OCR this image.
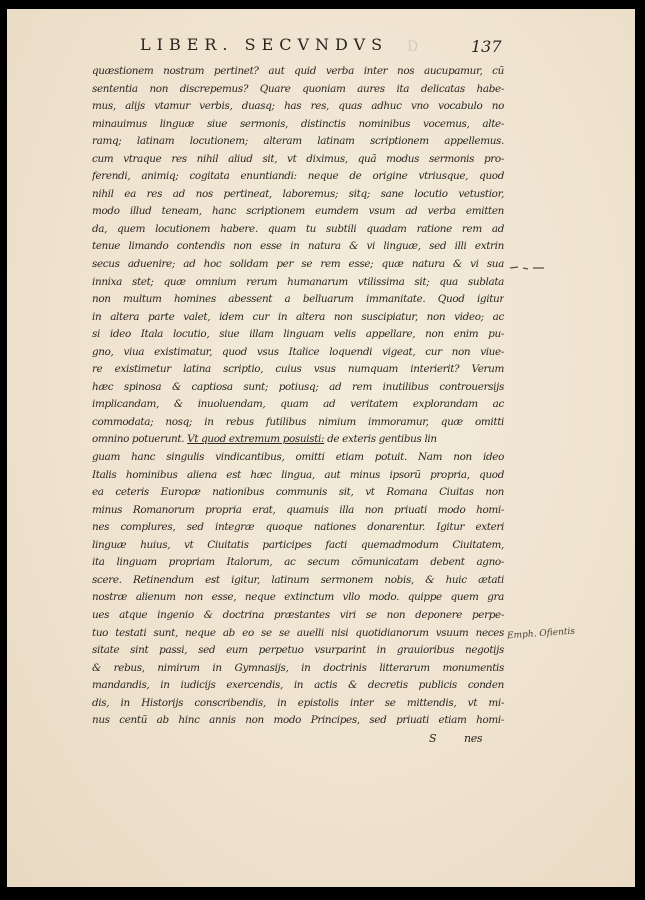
LIBER. SECVNDVS D	137
Emph. Ofientis
quæstionem nostram pertinet? aut quid verba inter nos aucupamur, cũ
sententia non discrepemus? Quare quoniam aures ita delicatas habe-
mus, alijs vtamur verbis, duasq; has res, quas adhuc vno vocabulo no
minauimus linguæ siue sermonis, distinctis nominibus vocemus, alte-
ramq; latinam locutionem; alteram latinam scriptionem appellemus.
cum vtraque res nihil aliud sit, vt diximus, quã modus sermonis pro-
ferendi, animiq; cogitata enuntiandi: neque de origine vtriusque, quod
nihil ea res ad nos pertineat, laboremus; sitq; sane locutio vetustior,
modo illud teneam, hanc scriptionem eumdem vsum ad verba emitten
da, quem locutionem habere. quam tu subtili quadam ratione rem ad
tenue limando contendis non esse in natura & vi linguæ, sed illi extrin
secus aduenire; ad hoc solidam per se rem esse; quæ natura & vi sua
innixa stet; quæ omnium rerum humanarum vtilissima sit; qua sublata
non multum homines abessent a belluarum immanitate. Quod igitur
in altera parte valet, idem cur in altera non suscipiatur, non video; ac
si ideo Itala locutio, siue illam linguam velis appellare, non enim pu-
gno, viua existimatur, quod vsus Italice loquendi vigeat, cur non viue-
re existimetur latina scriptio, cuius vsus numquam interierit? Verum
hæc spinosa & captiosa sunt; potiusq; ad rem inutilibus controuersijs
implicandam, & inuoluendam, quam ad veritatem explorandam ac
commodata; nosq; in rebus futilibus nimium immoramur, quæ omitti
omnino potuerunt. Vt quod extremum posuisti: de exteris gentibus lin
guam hanc singulis vindicantibus, omitti etiam potuit. Nam non ideo
Italis hominibus aliena est hæc lingua, aut minus ipsorũ propria, quod
ea ceteris Europæ nationibus communis sit, vt Romana Ciuitas non
minus Romanorum propria erat, quamuis illa non priuati modo homi-
nes complures, sed integræ quoque nationes donarentur. Igitur exteri
linguæ huius, vt Ciuitatis participes facti quemadmodum Ciuitatem,
ita linguam propriam Italorum, ac secum cõmunicatam debent agno-
scere. Retinendum est igitur, latinum sermonem nobis, & huic ætati
nostræ alienum non esse, neque extinctum vllo modo. quippe quem gra
ues atque ingenio & doctrina præstantes viri se non deponere perpe-
tuo testati sunt, neque ab eo se se auelli nisi quotidianorum vsuum neces
sitate sint passi, sed eum perpetuo vsurparint in grauioribus negotijs
& rebus, nimirum in Gymnasijs, in doctrinis litterarum monumentis
mandandis, in iudicijs exercendis, in actis & decretis publicis conden
dis, in Historijs conscribendis, in epistolis inter se mittendis, vt mi-
nus centũ ab hinc annis non modo Principes, sed priuati etiam homi-
S	nes
